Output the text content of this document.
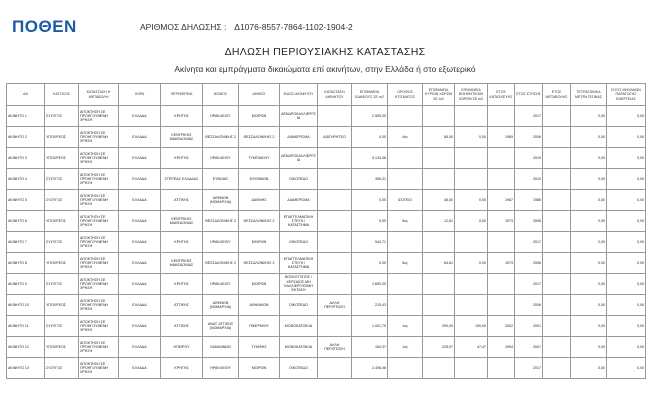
ΠΟΘΕΝ	ΑΡΙΘΜΟΣ ΔΗΛΩΣΗΣ : Δ1076-8557-7864-1102-1904-2
ΔΗΛΩΣΗ ΠΕΡΙΟΥΣΙΑΚΗΣ ΚΑΤΑΣΤΑΣΗΣ
Ακίνητα και εμπράγματα δικαιώματα επί ακινήτων, στην Ελλάδα ή στο εξωτερικό
ΑΑ	ΚΑΤΟΧΟΣ	ΚΑΤΑΣΤΑΣΗ Η ΜΕΤΑΒΟΛΗ	ΧΩΡΑ	ΠΕΡΙΦΕΡΕΙΑ	ΝΟΜΟΣ	ΔΗΜΟΣ	ΕΙΔΟΣ ΑΚΙΝΗΤΟΥ	ΚΑΤΑΣΤΑΣΗ ΑΚΙΝΗΤΟΥ	ΕΠΙΦΑΝΕΙΑ ΕΔΑΦΟΥΣ ΣΕ m2	ΟΡΟΦΟΣ ΚΤΙΣΜΑΤΟΣ	ΕΠΙΦΑΝΕΙΑ ΚΥΡΙΩΝ ΧΩΡΩΝ ΣΕ m2	ΕΠΙΦΑΝΕΙΑ ΒΟΗΘΗΤΙΚΩΝ ΧΩΡΩΝ ΣΕ m2	ΕΤΟΣ ΚΑΤΑΣΚΕΥΗΣ	ΕΤΟΣ ΚΤΗΣΗΣ	ΕΤΟΣ ΜΕΤΑΒΟΛΗΣ	ΤΕΤΡΑΓΩΝΙΚΑ ΜΕΤΡΑ ΠΙΣΙΝΑΣ	ΙΣΧΥΣ ΜΗΧΑΝΩΝ ΠΑΡΑΓΩΓΗΣ ΕΝΕΡΓΕΙΑΣ
ΑΚΙΝΗΤΟ 1	ΣΥΖΥΓΟΣ	ΑΠΟΚΤΗΣΗ ΣΕ ΠΡΟΗΓΟΥΜΕΝΗ ΧΡΗΣΗ	ΕΛΛΑΔΑ	ΚΡΗΤΗΣ	ΗΡΑΚΛΕΙΟΥ	ΜΟΙΡΩΝ	ΔΕΝΔΡΟΚΑΛΛΙΕΡΓΕΙΑ		2.505,00					2017		0,00	0,00
ΑΚΙΝΗΤΟ 2	ΥΠΟΧΡΕΟΣ	ΑΠΟΚΤΗΣΗ ΣΕ ΠΡΟΗΓΟΥΜΕΝΗ ΧΡΗΣΗ	ΕΛΛΑΔΑ	ΚΕΝΤΡΙΚΗΣ ΜΑΚΕΔΟΝΙΑΣ	ΘΕΣΣΑΛΟΝΙΚΗΣ 2	ΘΕΣΣΑΛΟΝΙΚΗΣ 2	ΔΙΑΜΕΡΙΣΜΑ	ΔΙΑΤΗΡΗΤΕΟ	0,00	4ος	65,00	0,00	1969	2006		0,00	0,00
ΑΚΙΝΗΤΟ 3	ΥΠΟΧΡΕΟΣ	ΑΠΟΚΤΗΣΗ ΣΕ ΠΡΟΗΓΟΥΜΕΝΗ ΧΡΗΣΗ	ΕΛΛΑΔΑ	ΚΡΗΤΗΣ	ΗΡΑΚΛΕΙΟΥ	ΤΥΜΠΑΚΙΟΥ	ΔΕΝΔΡΟΚΑΛΛΙΕΡΓΕΙΑ		5.143,46					2019		0,00	0,00
ΑΚΙΝΗΤΟ 4	ΣΥΖΥΓΟΣ	ΑΠΟΚΤΗΣΗ ΣΕ ΠΡΟΗΓΟΥΜΕΝΗ ΧΡΗΣΗ	ΕΛΛΑΔΑ	ΣΤΕΡΕΑΣ ΕΛΛΑΔΑΣ	ΕΥΒΟΙΑΣ	ΕΛΥΜΝΙΩΝ	ΟΙΚΟΠΕΔΟ		355,31					2010		0,00	0,00
ΑΚΙΝΗΤΟ 5	ΣΥΖΥΓΟΣ	ΑΠΟΚΤΗΣΗ ΣΕ ΠΡΟΗΓΟΥΜΕΝΗ ΧΡΗΣΗ	ΕΛΛΑΔΑ	ΑΤΤΙΚΗΣ	ΑΘΗΝΩΝ (ΝΟΜΑΡΧΙΑ)	ΔΑΦΝΗΣ	ΔΙΑΜΕΡΙΣΜΑ		0,00	ΙΣΟΓΕΙΟ	48,00	0,00	1967	1986		0,00	0,00
ΑΚΙΝΗΤΟ 6	ΥΠΟΧΡΕΟΣ	ΑΠΟΚΤΗΣΗ ΣΕ ΠΡΟΗΓΟΥΜΕΝΗ ΧΡΗΣΗ	ΕΛΛΑΔΑ	ΚΕΝΤΡΙΚΗΣ ΜΑΚΕΔΟΝΙΑΣ	ΘΕΣΣΑΛΟΝΙΚΗΣ 2	ΘΕΣΣΑΛΟΝΙΚΗΣ 2	ΕΠΑΓΓΕΛΜΑΤΙΚΗ ΣΤΕΓΗ / ΚΑΤΑΣΤΗΜΑ		0,00	5ος	12,61	0,00	1973	2006		0,00	0,00
ΑΚΙΝΗΤΟ 7	ΣΥΖΥΓΟΣ	ΑΠΟΚΤΗΣΗ ΣΕ ΠΡΟΗΓΟΥΜΕΝΗ ΧΡΗΣΗ	ΕΛΛΑΔΑ	ΚΡΗΤΗΣ	ΗΡΑΚΛΕΙΟΥ	ΜΟΙΡΩΝ	ΟΙΚΟΠΕΔΟ		544,71					2017		0,00	0,00
ΑΚΙΝΗΤΟ 8	ΥΠΟΧΡΕΟΣ	ΑΠΟΚΤΗΣΗ ΣΕ ΠΡΟΗΓΟΥΜΕΝΗ ΧΡΗΣΗ	ΕΛΛΑΔΑ	ΚΕΝΤΡΙΚΗΣ ΜΑΚΕΔΟΝΙΑΣ	ΘΕΣΣΑΛΟΝΙΚΗΣ 2	ΘΕΣΣΑΛΟΝΙΚΗΣ 2	ΕΠΑΓΓΕΛΜΑΤΙΚΗ ΣΤΕΓΗ / ΚΑΤΑΣΤΗΜΑ		0,00	5ος	64,61	0,00	1973	2006		0,00	0,00
ΑΚΙΝΗΤΟ 9	ΣΥΖΥΓΟΣ	ΑΠΟΚΤΗΣΗ ΣΕ ΠΡΟΗΓΟΥΜΕΝΗ ΧΡΗΣΗ	ΕΛΛΑΔΑ	ΚΡΗΤΗΣ	ΗΡΑΚΛΕΙΟΥ	ΜΟΙΡΩΝ	ΒΟΣΚΟΤΟΠΟΣ / ΧΕΡΣΑΙΟΣ ΜΗ ΚΑΛΛΙΕΡΓΗΣΙΜΗ ΕΚΤΑΣΗ		1.650,00					2017		0,00	0,00
ΑΚΙΝΗΤΟ 10	ΥΠΟΧΡΕΟΣ	ΑΠΟΚΤΗΣΗ ΣΕ ΠΡΟΗΓΟΥΜΕΝΗ ΧΡΗΣΗ	ΕΛΛΑΔΑ	ΑΤΤΙΚΗΣ	ΑΘΗΝΩΝ (ΝΟΜΑΡΧΙΑ)	ΑΘΗΝΑΙΩΝ	ΟΙΚΟΠΕΔΟ	ΑΛΛΗ ΠΕΡΙΠΤΩΣΗ	215,43					2006		0,00	0,00
ΑΚΙΝΗΤΟ 11	ΣΥΖΥΓΟΣ	ΑΠΟΚΤΗΣΗ ΣΕ ΠΡΟΗΓΟΥΜΕΝΗ ΧΡΗΣΗ	ΕΛΛΑΔΑ	ΑΤΤΙΚΗΣ	ΑΝΑΤ. ΑΤΤΙΚΗΣ (ΝΟΜΑΡΧΙΑ)	ΠΙΚΕΡΜΙΟΥ	ΜΟΝΟΚΑΤΟΙΚΙΑ		1.001,75	1ος	290,00	190,00	2002	2001		0,00	0,00
ΑΚΙΝΗΤΟ 12	ΥΠΟΧΡΕΟΣ	ΑΠΟΚΤΗΣΗ ΣΕ ΠΡΟΗΓΟΥΜΕΝΗ ΧΡΗΣΗ	ΕΛΛΑΔΑ	ΗΠΕΙΡΟΥ	ΙΩΑΝΝΙΝΩΝ	ΤΥΜΦΗΣ	ΜΟΝΟΚΑΤΟΙΚΙΑ	ΑΛΛΗ ΠΕΡΙΠΤΩΣΗ	164,37	1ος	225,57	47,47	1994	2007		0,00	0,00
ΑΚΙΝΗΤΟ 13	ΣΥΖΥΓΟΣ	ΑΠΟΚΤΗΣΗ ΣΕ ΠΡΟΗΓΟΥΜΕΝΗ ΧΡΗΣΗ	ΕΛΛΑΔΑ	ΚΡΗΤΗΣ	ΗΡΑΚΛΕΙΟΥ	ΜΟΙΡΩΝ	ΟΙΚΟΠΕΔΟ		2.406,48					2017		0,00	0,00
